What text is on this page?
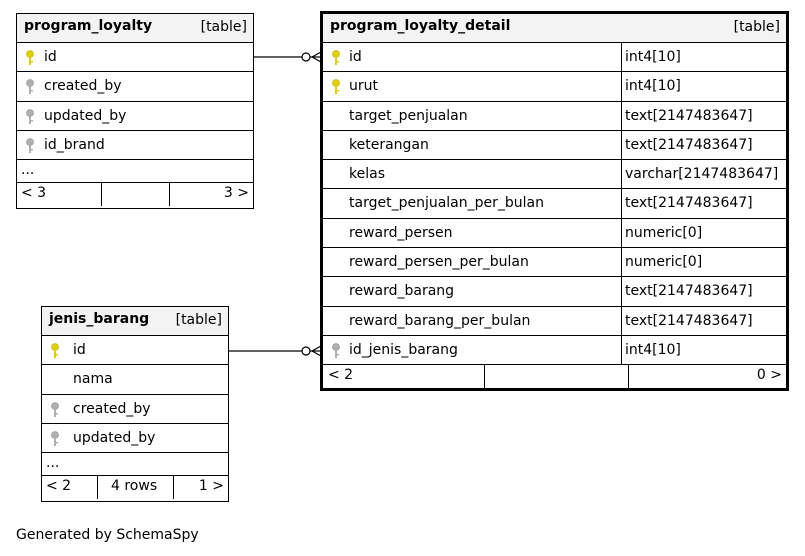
program_loyalty	[table]
id
created_by
updated_by
id_brand
...
< 3	3 >
program_loyalty_detail	[table]
id	int4[10]
urut	int4[10]
target_penjualan	text[2147483647]
keterangan	text[2147483647]
kelas	varchar[2147483647]
target_penjualan_per_bulan	text[2147483647]
reward_persen	numeric[0]
reward_persen_per_bulan	numeric[0]
reward_barang	text[2147483647]
reward_barang_per_bulan	text[2147483647]
id_jenis_barang	int4[10]
< 2	0 >
jenis_barang [table]
id
nama
created_by
updated_by
...
< 2	4 rows	1 >
Generated by SchemaSpy
